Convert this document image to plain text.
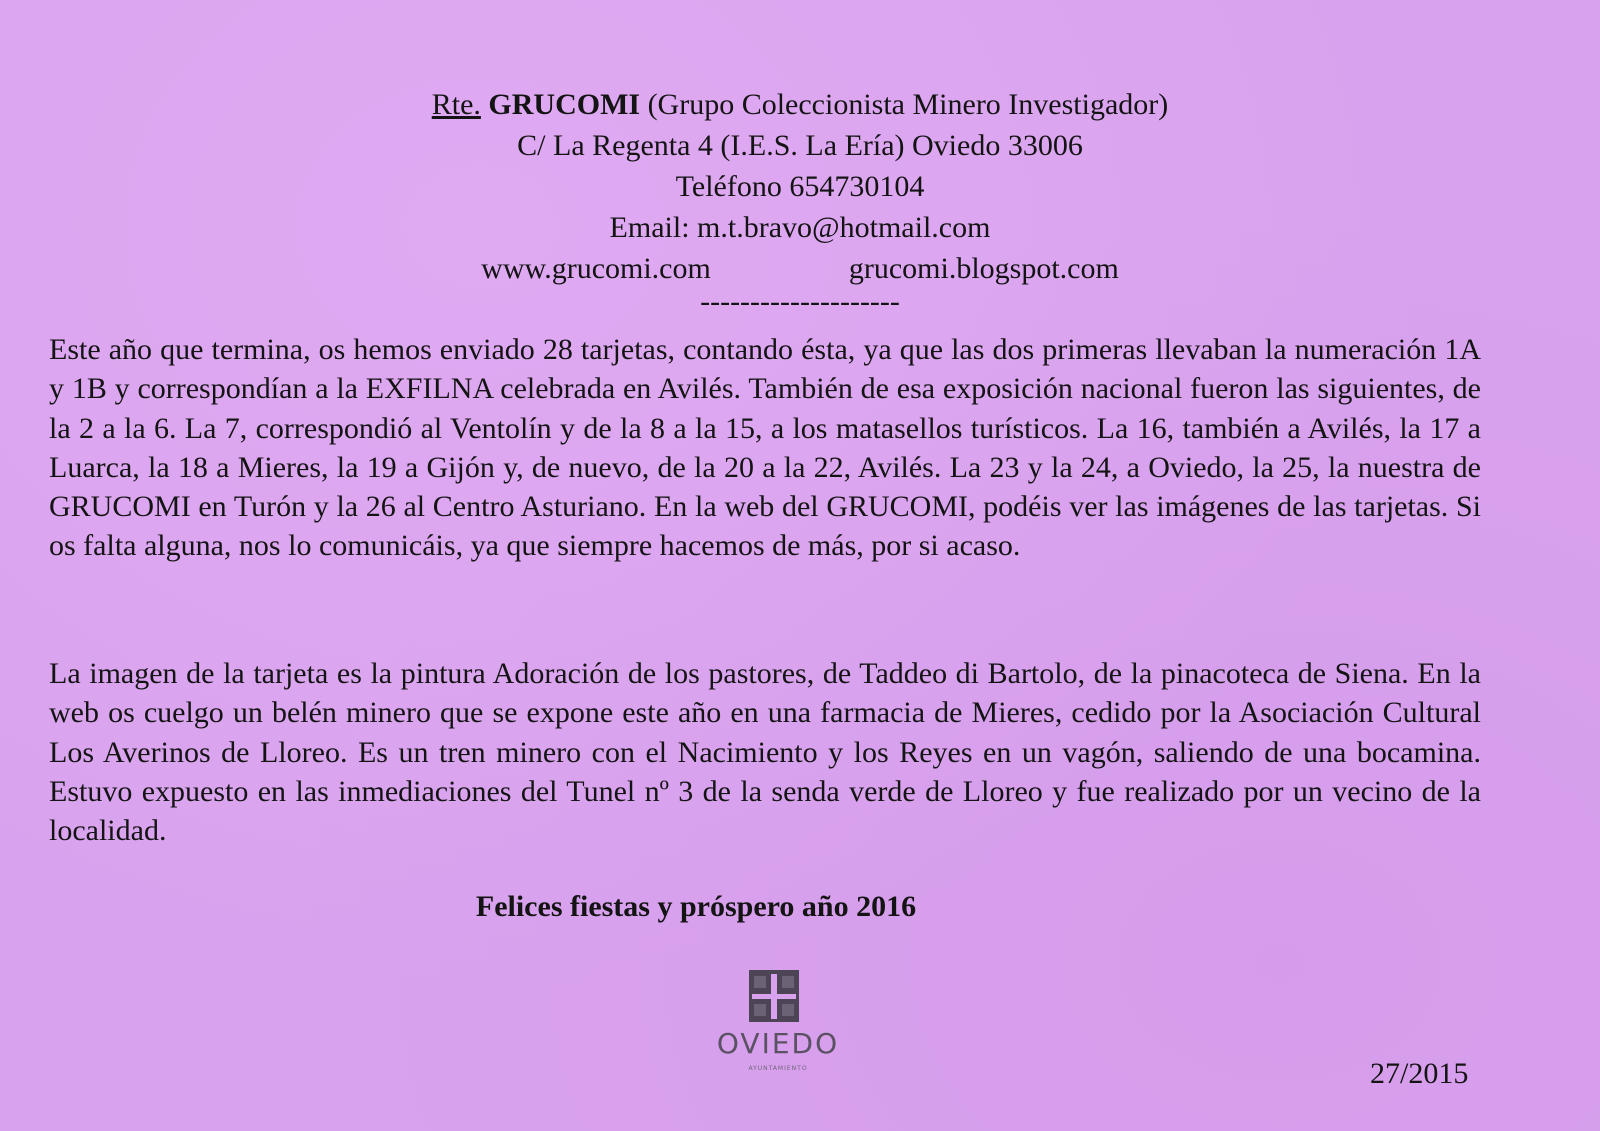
Rte. GRUCOMI (Grupo Coleccionista Minero Investigador)
C/ La Regenta 4 (I.E.S. La Ería) Oviedo 33006
Teléfono 654730104
Email: m.t.bravo@hotmail.com
www.grucomi.com	grucomi.blogspot.com
--------------------

Este año que termina, os hemos enviado 28 tarjetas, contando ésta, ya que las dos primeras llevaban la numeración 1A y 1B y correspondían a la EXFILNA celebrada en Avilés. También de esa exposición nacional fueron las siguientes, de la 2 a la 6. La 7, correspondió al Ventolín y de la 8 a la 15, a los matasellos turísticos. La 16, también a Avilés, la 17 a Luarca, la 18 a Mieres, la 19 a Gijón y, de nuevo, de la 20 a la 22, Avilés. La 23 y la 24, a Oviedo, la 25, la nuestra de GRUCOMI en Turón y la 26 al Centro Asturiano. En la web del GRUCOMI, podéis ver las imágenes de las tarjetas. Si os falta alguna, nos lo comunicáis, ya que siempre hacemos de más, por si acaso.

La imagen de la tarjeta es la pintura Adoración de los pastores, de Taddeo di Bartolo, de la pinacoteca de Siena. En la web os cuelgo un belén minero que se expone este año en una farmacia de Mieres, cedido por la Asociación Cultural Los Averinos de Lloreo. Es un tren minero con el Nacimiento y los Reyes en un vagón, saliendo de una bocamina. Estuvo expuesto en las inmediaciones del Tunel nº 3 de la senda verde de Lloreo y fue realizado por un vecino de la localidad.

Felices fiestas y próspero año 2016
OVIEDO
AYUNTAMIENTO	27/2015
